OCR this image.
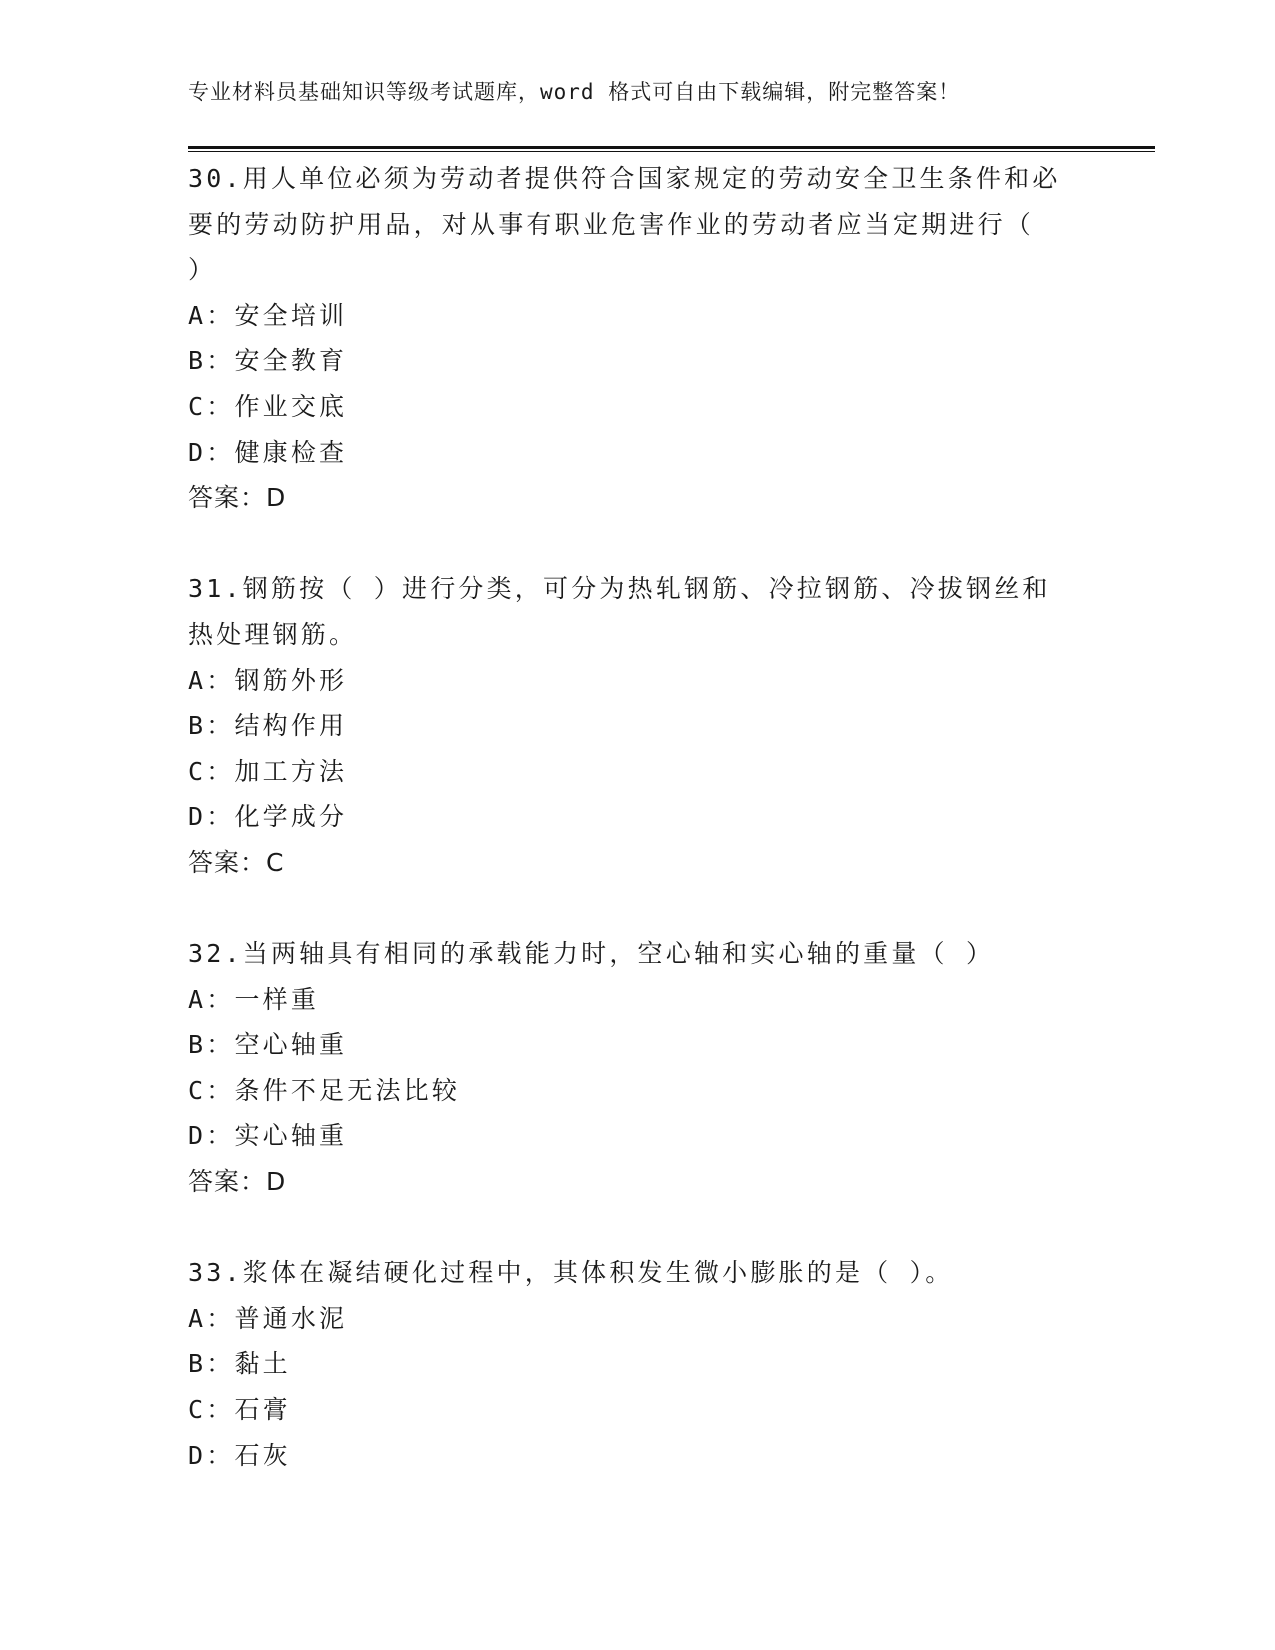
专业材料员基础知识等级考试题库，word 格式可自由下载编辑，附完整答案！
30.用人单位必须为劳动者提供符合国家规定的劳动安全卫生条件和必
要的劳动防护用品，对从事有职业危害作业的劳动者应当定期进行（
）
A：安全培训
B：安全教育
C：作业交底
D：健康检查
答案：D
31.钢筋按（ ）进行分类，可分为热轧钢筋、冷拉钢筋、冷拔钢丝和
热处理钢筋。
A：钢筋外形
B：结构作用
C：加工方法
D：化学成分
答案：C
32.当两轴具有相同的承载能力时，空心轴和实心轴的重量（ ）
A：一样重
B：空心轴重
C：条件不足无法比较
D：实心轴重
答案：D
33.浆体在凝结硬化过程中，其体积发生微小膨胀的是（ ）。
A：普通水泥
B：黏土
C：石膏
D：石灰
